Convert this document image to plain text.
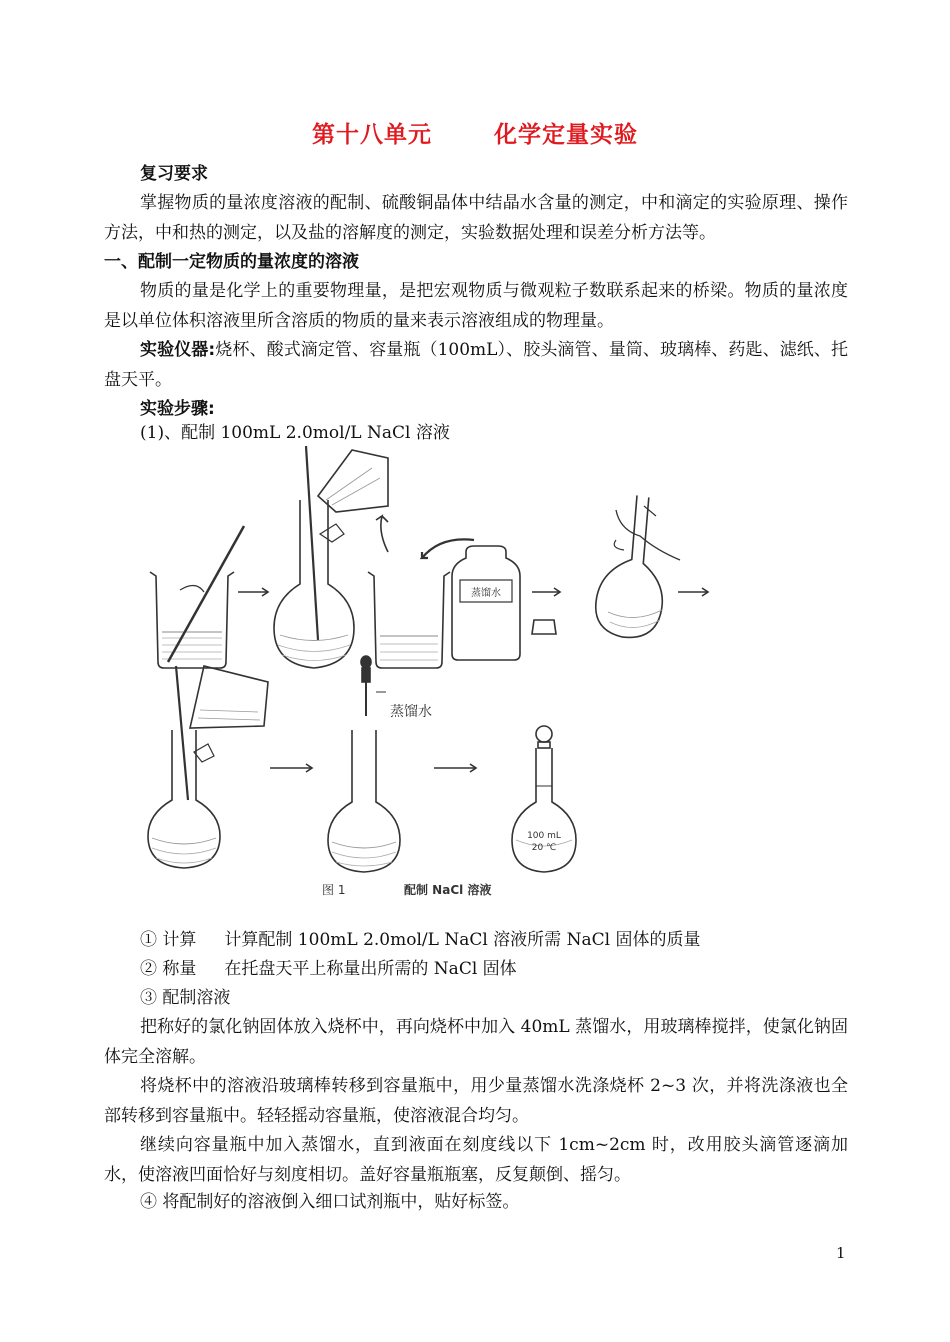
第十八单元	化学定量实验
复习要求

掌握物质的量浓度溶液的配制、硫酸铜晶体中结晶水含量的测定，中和滴定的实验原理、操作方法，中和热的测定，以及盐的溶解度的测定，实验数据处理和误差分析方法等。

一、配制一定物质的量浓度的溶液

物质的量是化学上的重要物理量，是把宏观物质与微观粒子数联系起来的桥梁。物质的量浓度是以单位体积溶液里所含溶质的物质的量来表示溶液组成的物理量。

实验仪器:烧杯、酸式滴定管、容量瓶（100mL）、胶头滴管、量筒、玻璃棒、药匙、滤纸、托盘天平。

实验步骤:
(1)、配制 100mL 2.0mol/L NaCl 溶液
蒸馏水
蒸馏水
100 mL
20 ℃
图 1	配制 NaCl 溶液
① 计算 计算配制 100mL 2.0mol/L NaCl 溶液所需 NaCl 固体的质量
② 称量 在托盘天平上称量出所需的 NaCl 固体
③ 配制溶液

把称好的氯化钠固体放入烧杯中，再向烧杯中加入 40mL 蒸馏水，用玻璃棒搅拌，使氯化钠固体完全溶解。

将烧杯中的溶液沿玻璃棒转移到容量瓶中，用少量蒸馏水洗涤烧杯 2~3 次，并将洗涤液也全部转移到容量瓶中。轻轻摇动容量瓶，使溶液混合均匀。

继续向容量瓶中加入蒸馏水，直到液面在刻度线以下 1cm~2cm 时，改用胶头滴管逐滴加水，使溶液凹面恰好与刻度相切。盖好容量瓶瓶塞，反复颠倒、摇匀。

④ 将配制好的溶液倒入细口试剂瓶中，贴好标签。
1
